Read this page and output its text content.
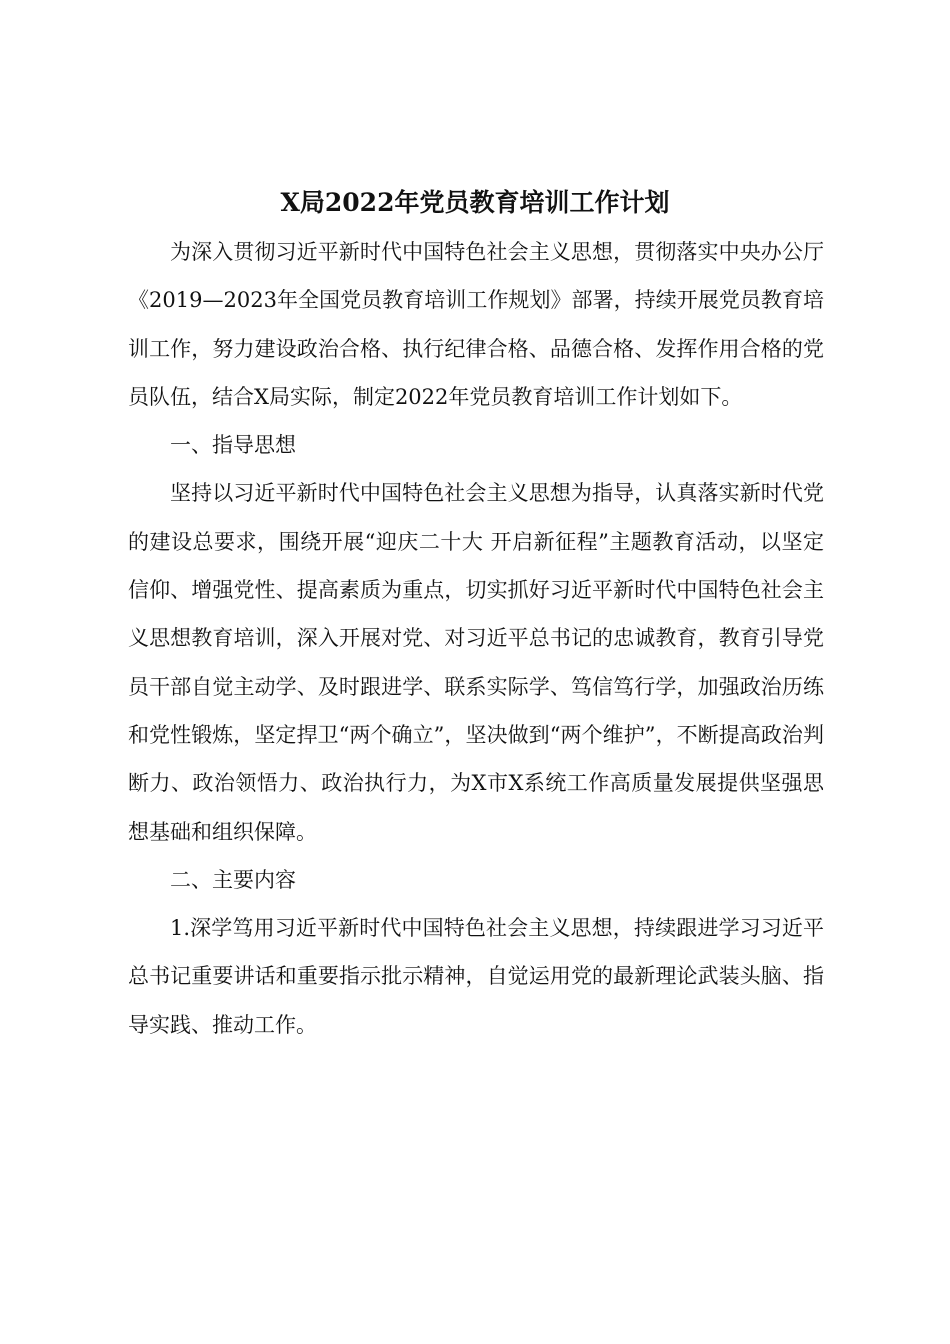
X局2022年党员教育培训工作计划

为深入贯彻习近平新时代中国特色社会主义思想，贯彻落实中央办公厅《2019—2023年全国党员教育培训工作规划》部署，持续开展党员教育培训工作，努力建设政治合格、执行纪律合格、品德合格、发挥作用合格的党员队伍，结合X局实际，制定2022年党员教育培训工作计划如下。

一、指导思想

坚持以习近平新时代中国特色社会主义思想为指导，认真落实新时代党的建设总要求，围绕开展“迎庆二十大 开启新征程”主题教育活动，以坚定信仰、增强党性、提高素质为重点，切实抓好习近平新时代中国特色社会主义思想教育培训，深入开展对党、对习近平总书记的忠诚教育，教育引导党员干部自觉主动学、及时跟进学、联系实际学、笃信笃行学，加强政治历练和党性锻炼，坚定捍卫“两个确立”，坚决做到“两个维护”，不断提高政治判断力、政治领悟力、政治执行力，为X市X系统工作高质量发展提供坚强思想基础和组织保障。

二、主要内容

1.深学笃用习近平新时代中国特色社会主义思想，持续跟进学习习近平总书记重要讲话和重要指示批示精神，自觉运用党的最新理论武装头脑、指导实践、推动工作。
